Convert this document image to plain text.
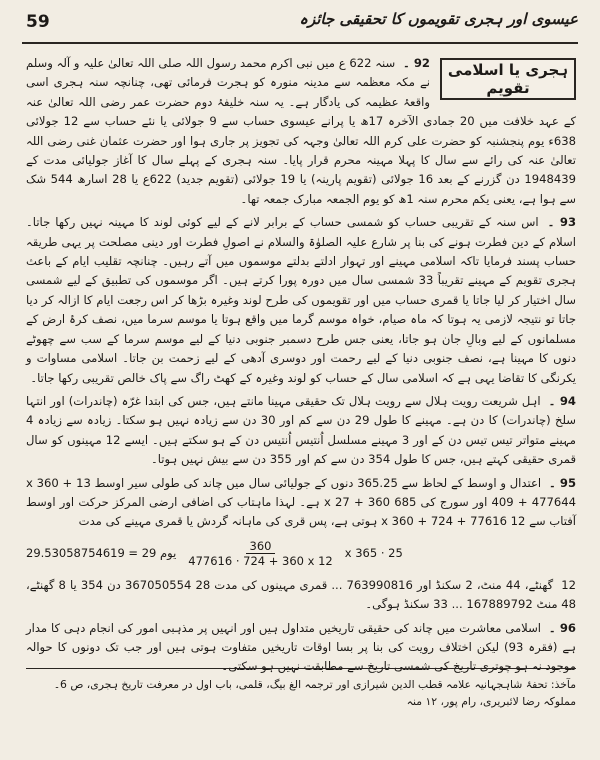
59	عیسوی اور ہجری تقویموں کا تحقیقی جائزہ
ہجری یا اسلامی تقویم

92 ۔ سنہ 622 ع میں نبی اکرم محمد رسول اللہ صلی اللہ تعالیٰ علیہ و آلہ وسلم نے مکہ معظمہ سے مدینہ منورہ کو ہجرت فرمائی تھی، چنانچہ سنہ ہجری اسی واقعۂ عظیمہ کی یادگار ہے۔ یہ سنہ خلیفۂ دوم حضرت عمر رضی اللہ تعالیٰ عنہ کے عہد خلافت میں 20 جمادی الآخرہ 17ھ یا پرانے عیسوی حساب سے 9 جولائی یا نئے حساب سے 12 جولائی 638ء یوم پنجشنبہ کو حضرت علی کرم اللہ تعالیٰ وجہہ کی تجویز پر جاری ہوا اور حضرت عثمان غنی رضی اللہ تعالیٰ عنہ کی رائے سے سال کا پہلا مہینہ محرم قرار پایا۔ سنہ ہجری کے پہلے سال کا آغاز جولیائی مدت کے 1948439 دن گزرنے کے بعد 16 جولائی (تقویم پارینہ) یا 19 جولائی (تقویم جدید) 622ع یا 28 اسارھ 544 شک سے ہوا ہے، یعنی یکم محرم سنہ 1ھ کو یوم الجمعہ مبارک جمعہ تھا۔

93 ۔ اس سنہ کے تقریبی حساب کو شمسی حساب کے برابر لانے کے لیے کوئی لوند کا مہینہ نہیں رکھا جاتا۔ اسلام کے دین فطرت ہونے کی بنا پر شارع علیہ الصلوٰۃ والسلام نے اصولِ فطرت اور دینی مصلحت پر یہی طریقہ حساب پسند فرمایا تاکہ اسلامی مہینے اور تہوار ادلتے بدلتے موسموں میں آتے رہیں۔ چنانچہ تقلیب ایام کے باعث ہجری تقویم کے مہینے تقریباً 33 شمسی سال میں دورہ پورا کرتے ہیں۔ اگر موسموں کی تطبیق کے لیے شمسی سال اختیار کر لیا جاتا یا قمری حساب میں اور تقویموں کی طرح لوند وغیرہ بڑھا کر اس رجعت ایام کا ازالہ کر دیا جاتا تو نتیجہ لازمی یہ ہوتا کہ ماہ صیام، خواہ موسم گرما میں واقع ہوتا یا موسم سرما میں، نصف کرۂ ارض کے مسلمانوں کے لیے وبالِ جان ہو جاتا، یعنی جس طرح دسمبر جنوبی دنیا کے لیے موسم سرما کے سب سے چھوٹے دنوں کا مہینا ہے، نصف جنوبی دنیا کے لیے رحمت اور دوسری آدھی کے لیے زحمت بن جاتا۔ اسلامی مساوات و یکرنگی کا تقاضا یہی ہے کہ اسلامی سال کے حساب کو لوند وغیرہ کے کھٹ راگ سے پاک خالص تقریبی رکھا جاتا۔

94 ۔ اہل شریعت رویت ہلال سے رویت ہلال تک حقیقی مہینا مانتے ہیں، جس کی ابتدا غرّہ (چاندرات) اور انتہا سلخ (چاندرات) کا دن ہے۔ مہینے کا طول 29 دن سے کم اور 30 دن سے زیادہ نہیں ہو سکتا۔ زیادہ سے زیادہ 4 مہینے متواتر تیس تیس دن کے اور 3 مہینے مسلسل اُنتیس اُنتیس دن کے ہو سکتے ہیں۔ ایسے 12 مہینوں کو سال قمری حقیقی کہتے ہیں، جس کا طول 354 دن سے کم اور 355 دن سے بیش نہیں ہوتا۔

95 ۔ اعتدال و اوسط کے لحاظ سے 365.25 دنوں کے جولیائی سال میں چاند کی طولی سیر اوسط 13 x 360 + 409 + 477644 اور سورج کی 685 x 27 + 360 ہے۔ لہذا ماہتاب کی اضافی ارضی المرکز حرکت اور اوسط آفتاب سے 12 x 360 + 724 + 77616 ہوتی ہے، پس قری کی ماہانہ گردش یا قمری مہینے کی مدت

29.53058754619 = 29 یوم $\frac{360}{477616 \cdot 724 + 360 x 12}$ x 365 · 25

12 گھنٹے، 44 منٹ، 2 سکنڈ اور 763990816 ... قمری مہینوں کی مدت 28 367050554 دن 354 یا 8 گھنٹے، 48 منٹ 167889792 ... 33 سکنڈ ہوگی۔

96 ۔ اسلامی معاشرت میں چاند کی حقیقی تاریخیں متداول ہیں اور انہیں پر مذہبی امور کی انجام دہی کا مدار ہے (فقرہ 93) لیکن اختلاف رویت کی بنا پر بسا اوقات تاریخیں متفاوت ہوتی ہیں اور جب تک دونوں کا حوالہ موجود نہ ہو چوتری تاریخ کی شمسی تاریخ سے مطابقت نہیں ہو سکتی۔

مآخذ: تحفۂ شاہجہانیہ علامہ قطب الدین شیرازی اور ترجمہ الغ بیگ، قلمی، باب اول در معرفت تاریخ ہجری، ص 6۔ مملوکہ رضا لائبریری، رام پور، ۱۲ منہ
